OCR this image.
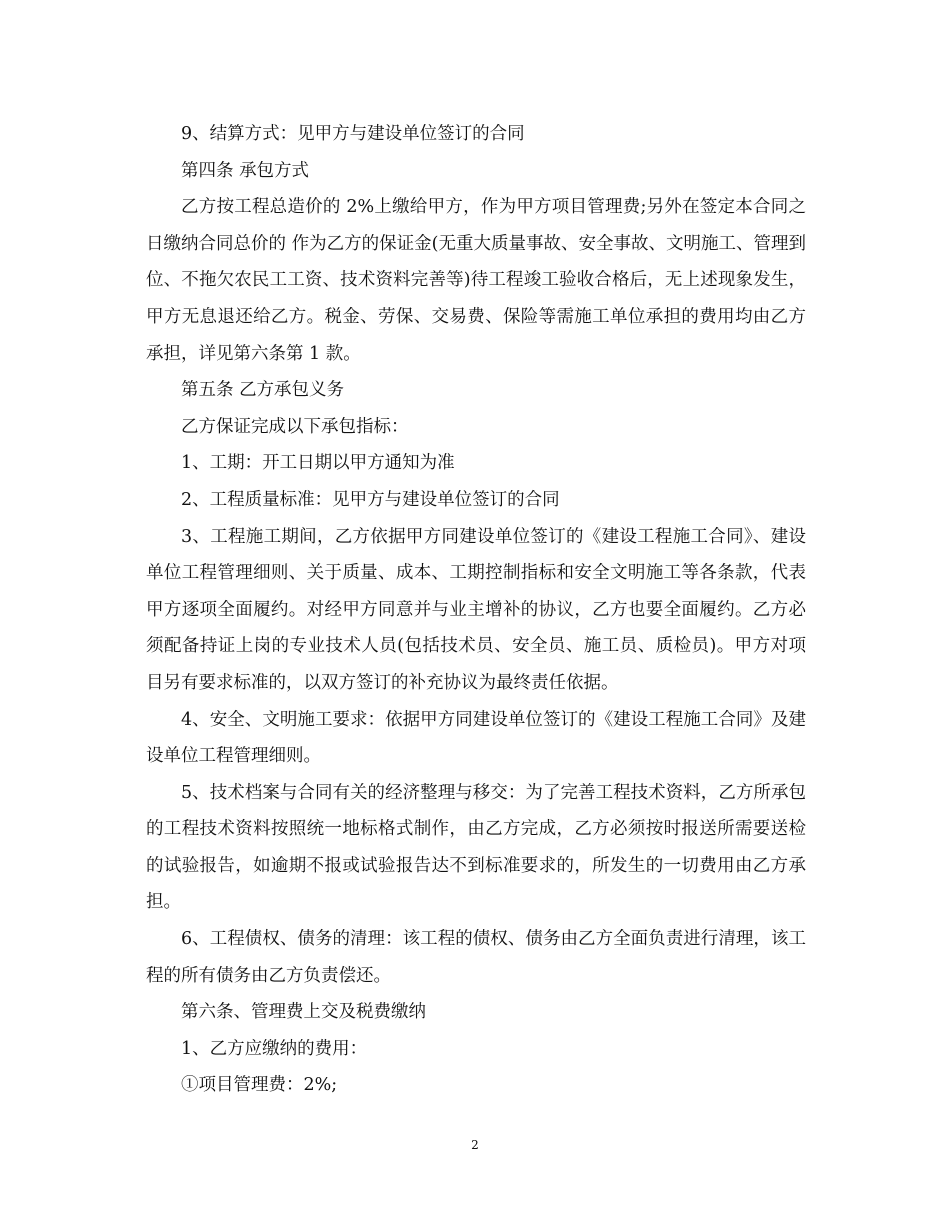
9、结算方式：见甲方与建设单位签订的合同

第四条 承包方式

乙方按工程总造价的 2%上缴给甲方，作为甲方项目管理费;另外在签定本合同之日缴纳合同总价的 作为乙方的保证金(无重大质量事故、安全事故、文明施工、管理到位、不拖欠农民工工资、技术资料完善等)待工程竣工验收合格后，无上述现象发生，甲方无息退还给乙方。税金、劳保、交易费、保险等需施工单位承担的费用均由乙方承担，详见第六条第 1 款。

第五条 乙方承包义务

乙方保证完成以下承包指标：

1、工期：开工日期以甲方通知为准

2、工程质量标准：见甲方与建设单位签订的合同

3、工程施工期间，乙方依据甲方同建设单位签订的《建设工程施工合同》、建设单位工程管理细则、关于质量、成本、工期控制指标和安全文明施工等各条款，代表甲方逐项全面履约。对经甲方同意并与业主增补的协议，乙方也要全面履约。乙方必须配备持证上岗的专业技术人员(包括技术员、安全员、施工员、质检员)。甲方对项目另有要求标准的，以双方签订的补充协议为最终责任依据。

4、安全、文明施工要求：依据甲方同建设单位签订的《建设工程施工合同》及建设单位工程管理细则。

5、技术档案与合同有关的经济整理与移交：为了完善工程技术资料，乙方所承包的工程技术资料按照统一地标格式制作，由乙方完成，乙方必须按时报送所需要送检的试验报告，如逾期不报或试验报告达不到标准要求的，所发生的一切费用由乙方承担。

6、工程债权、债务的清理：该工程的债权、债务由乙方全面负责进行清理，该工程的所有债务由乙方负责偿还。

第六条、管理费上交及税费缴纳

1、乙方应缴纳的费用：

①项目管理费：2%;

2
